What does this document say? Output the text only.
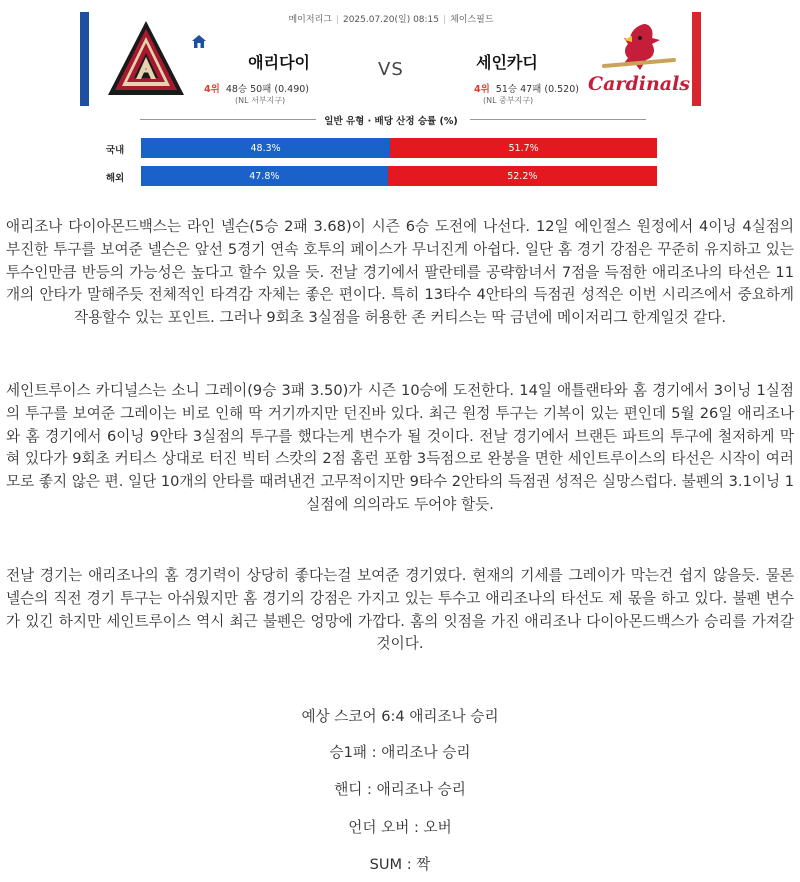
메이저리그 | 2025.07.20(일) 08:15 | 체이스필드
애리다이
4위 48승 50패 (0.490)
(NL 서부지구)
VS	세인카디
4위 51승 47패 (0.520)
(NL 중부지구)
Cardinals
일반 유형 · 배당 산정 승률 (%)
국내	48.3%	51.7%
해외	47.8%	52.2%
애리조나 다이아몬드백스는 라인 넬슨(5승 2패 3.68)이 시즌 6승 도전에 나선다. 12일 에인절스 원정에서 4이닝 4실점의 부진한 투구를 보여준 넬슨은 앞선 5경기 연속 호투의 페이스가 무너진게 아쉽다. 일단 홈 경기 강점은 꾸준히 유지하고 있는 투수인만큼 반등의 가능성은 높다고 할수 있을 듯. 전날 경기에서 팔란테를 공략함녀서 7점을 득점한 애리조나의 타선은 11개의 안타가 말해주듯 전체적인 타격감 자체는 좋은 편이다. 특히 13타수 4안타의 득점권 성적은 이번 시리즈에서 중요하게 작용할수 있는 포인트. 그러나 9회초 3실점을 허용한 존 커티스는 딱 금년에 메이저리그 한계일것 같다.
세인트루이스 카디널스는 소니 그레이(9승 3패 3.50)가 시즌 10승에 도전한다. 14일 애틀랜타와 홈 경기에서 3이닝 1실점의 투구를 보여준 그레이는 비로 인해 딱 거기까지만 던진바 있다. 최근 원정 투구는 기복이 있는 편인데 5월 26일 애리조나와 홈 경기에서 6이닝 9안타 3실점의 투구를 했다는게 변수가 될 것이다. 전날 경기에서 브랜든 파트의 투구에 철저하게 막혀 있다가 9회초 커티스 상대로 터진 빅터 스캇의 2점 홈런 포함 3득점으로 완봉을 면한 세인트루이스의 타선은 시작이 여러모로 좋지 않은 편. 일단 10개의 안타를 때려낸건 고무적이지만 9타수 2안타의 득점권 성적은 실망스럽다. 불펜의 3.1이닝 1실점에 의의라도 두어야 할듯.
전날 경기는 애리조나의 홈 경기력이 상당히 좋다는걸 보여준 경기였다. 현재의 기세를 그레이가 막는건 쉽지 않을듯. 물론 넬슨의 직전 경기 투구는 아쉬웠지만 홈 경기의 강점은 가지고 있는 투수고 애리조나의 타선도 제 몫을 하고 있다. 불펜 변수가 있긴 하지만 세인트루이스 역시 최근 불펜은 엉망에 가깝다. 홈의 잇점을 가진 애리조나 다이아몬드백스가 승리를 가져갈 것이다.
예상 스코어 6:4 애리조나 승리
승1패 : 애리조나 승리
핸디 : 애리조나 승리
언더 오버 : 오버
SUM : 짝
